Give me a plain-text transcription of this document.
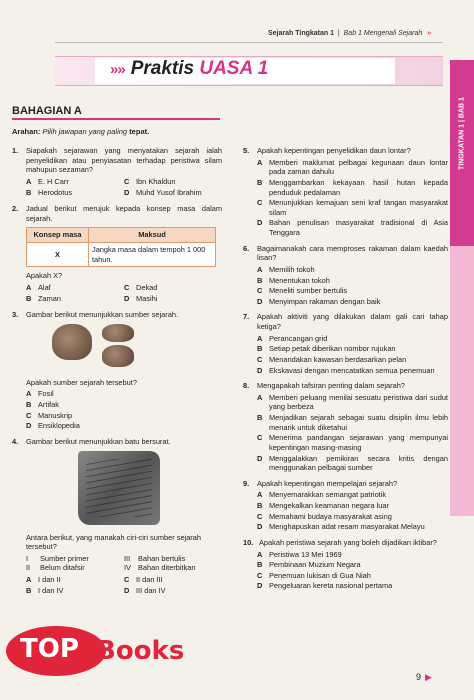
Sejarah Tingkatan 1  |  Bab 1 Mengenali Sejarah »
»» Praktis UASA 1
TINGKATAN 1 | BAB 1
BAHAGIAN A
Arahan: Pilih jawapan yang paling tepat.
1.	Siapakah sejarawan yang menyatakan sejarah ialah penyelidikan atau penyiasatan terhadap peristiwa silam mahupun sezaman?
A E. H Carr	C Ibn Khaldun
B Herodotus	D Muhd Yusof Ibrahim
2.	Jadual berikut merujuk kepada konsep masa dalam sejarah.
Konsep masa	Maksud
X	Jangka masa dalam tempoh 1 000 tahun.
Apakah X?
A Alaf	C Dekad
B Zaman	D Masihi
3.	Gambar berikut menunjukkan sumber sejarah.
Apakah sumber sejarah tersebut?
A Fosil
B Artifak
C Manuskrip
D Ensiklopedia
4.	Gambar berikut menunjukkan batu bersurat.
Antara berikut, yang manakah ciri-ciri sumber sejarah tersebut?
I	Sumber primer	III	Bahan bertulis
II	Belum ditafsir	IV Bahan diterbitkan
A I dan II	C II dan III
B I dan IV	D III dan IV
5.	Apakah kepentingan penyelidikan daun lontar?
A Memberi maklumat pelbagai kegunaan daun lontar pada zaman dahulu
B Menggambarkan kekayaan hasil hutan kepada penduduk pedalaman
C Menunjukkan kemajuan seni kraf tangan masyarakat silam
D Bahan penulisan masyarakat tradisional di Asia Tenggara
6.	Bagaimanakah cara memproses rakaman dalam kaedah lisan?
A Memilih tokoh
B Menentukan tokoh
C Meneliti sumber bertulis
D Menyimpan rakaman dengan baik
7.	Apakah aktiviti yang dilakukan dalam gali cari tahap ketiga?
A Perancangan grid
B Setiap petak diberikan nombor rujukan
C Menandakan kawasan berdasarkan pelan
D Ekskavasi dengan mencatatkan semua penemuan
8.	Mengapakah tafsiran penting dalam sejarah?
A Memberi peluang menilai sesuatu peristiwa dari sudut yang berbeza
B Menjadikan sejarah sebagai suatu disiplin ilmu lebih menarik untuk diketahui
C Menerima pandangan sejarawan yang mempunyai kepentingan masing-masing
D Menggalakkan pemikiran secara kritis dengan menggunakan pelbagai sumber
9.	Apakah kepentingan mempelajari sejarah?
A Menyemarakkan semangat patriotik
B Mengekalkan keamanan negara luar
C Memahami budaya masyarakat asing
D Menghapuskan adat resam masyarakat Melayu
10. Apakah peristiwa sejarah yang boleh dijadikan iktibar?
A Peristiwa 13 Mei 1969
B Pembinaan Muzium Negara
C Penemuan lukisan di Gua Niah
D Pengeluaran kereta nasional pertama
TOP Books
9 ▶
